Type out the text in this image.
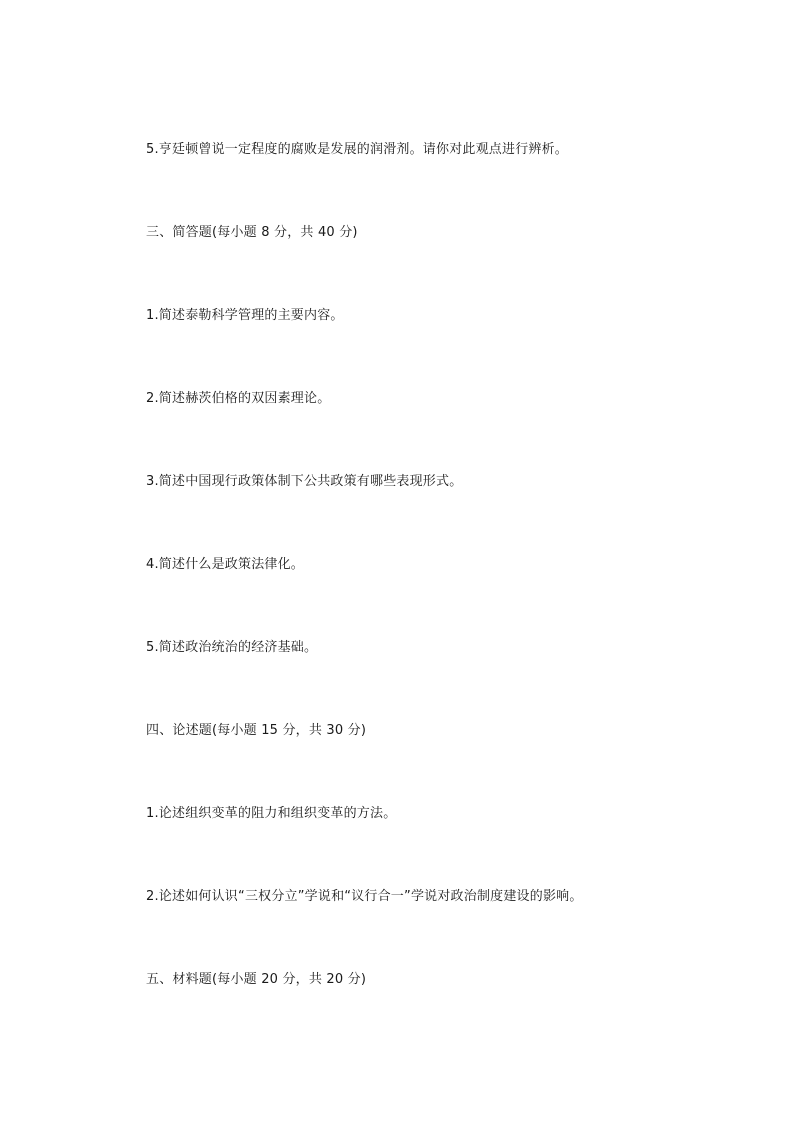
5.亨廷顿曾说一定程度的腐败是发展的润滑剂。请你对此观点进行辨析。
三、简答题(每小题 8 分，共 40 分)
1.简述泰勒科学管理的主要内容。
2.简述赫茨伯格的双因素理论。
3.简述中国现行政策体制下公共政策有哪些表现形式。
4.简述什么是政策法律化。
5.简述政治统治的经济基础。
四、论述题(每小题 15 分，共 30 分)
1.论述组织变革的阻力和组织变革的方法。
2.论述如何认识“三权分立”学说和“议行合一”学说对政治制度建设的影响。
五、材料题(每小题 20 分，共 20 分)
